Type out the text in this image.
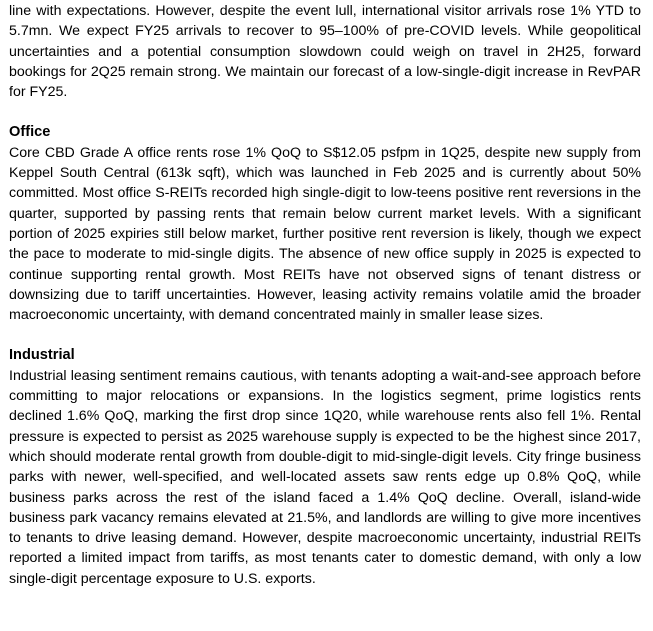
line with expectations. However, despite the event lull, international visitor arrivals rose 1% YTD to 5.7mn. We expect FY25 arrivals to recover to 95–100% of pre-COVID levels. While geopolitical uncertainties and a potential consumption slowdown could weigh on travel in 2H25, forward bookings for 2Q25 remain strong. We maintain our forecast of a low-single-digit increase in RevPAR for FY25.

Office

Core CBD Grade A office rents rose 1% QoQ to S$12.05 psfpm in 1Q25, despite new supply from Keppel South Central (613k sqft), which was launched in Feb 2025 and is currently about 50% committed. Most office S-REITs recorded high single-digit to low-teens positive rent reversions in the quarter, supported by passing rents that remain below current market levels. With a significant portion of 2025 expiries still below market, further positive rent reversion is likely, though we expect the pace to moderate to mid-single digits. The absence of new office supply in 2025 is expected to continue supporting rental growth. Most REITs have not observed signs of tenant distress or downsizing due to tariff uncertainties. However, leasing activity remains volatile amid the broader macroeconomic uncertainty, with demand concentrated mainly in smaller lease sizes.

Industrial

Industrial leasing sentiment remains cautious, with tenants adopting a wait-and-see approach before committing to major relocations or expansions. In the logistics segment, prime logistics rents declined 1.6% QoQ, marking the first drop since 1Q20, while warehouse rents also fell 1%. Rental pressure is expected to persist as 2025 warehouse supply is expected to be the highest since 2017, which should moderate rental growth from double-digit to mid-single-digit levels. City fringe business parks with newer, well-specified, and well-located assets saw rents edge up 0.8% QoQ, while business parks across the rest of the island faced a 1.4% QoQ decline. Overall, island-wide business park vacancy remains elevated at 21.5%, and landlords are willing to give more incentives to tenants to drive leasing demand. However, despite macroeconomic uncertainty, industrial REITs reported a limited impact from tariffs, as most tenants cater to domestic demand, with only a low single-digit percentage exposure to U.S. exports.
